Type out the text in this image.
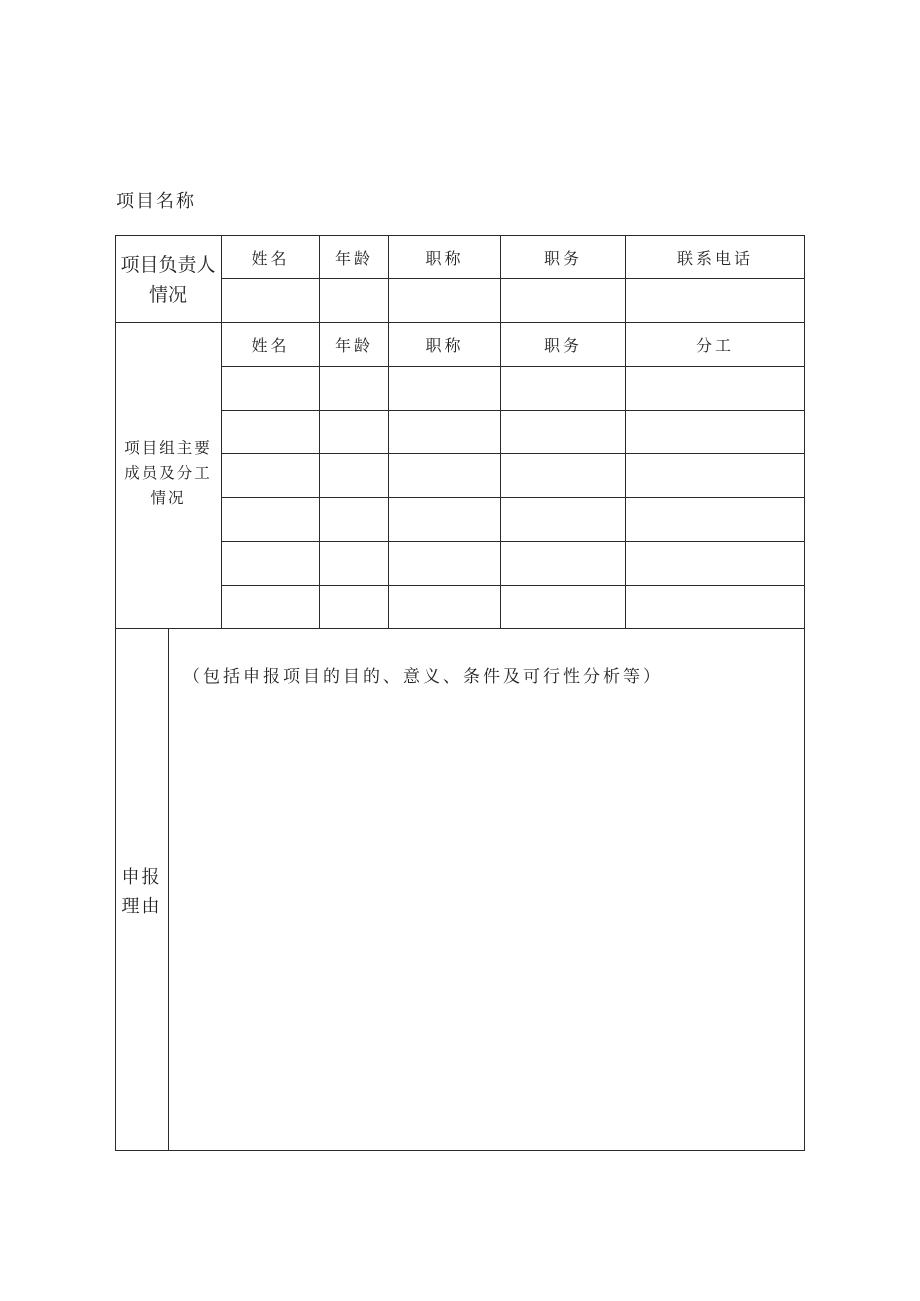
项目名称
项目负责人
情况
姓名	年龄	职称	职务	联系电话
项目组主要
成员及分工
情况
姓名	年龄	职称	职务	分工
申报
理由
（包括申报项目的目的、意义、条件及可行性分析等）
